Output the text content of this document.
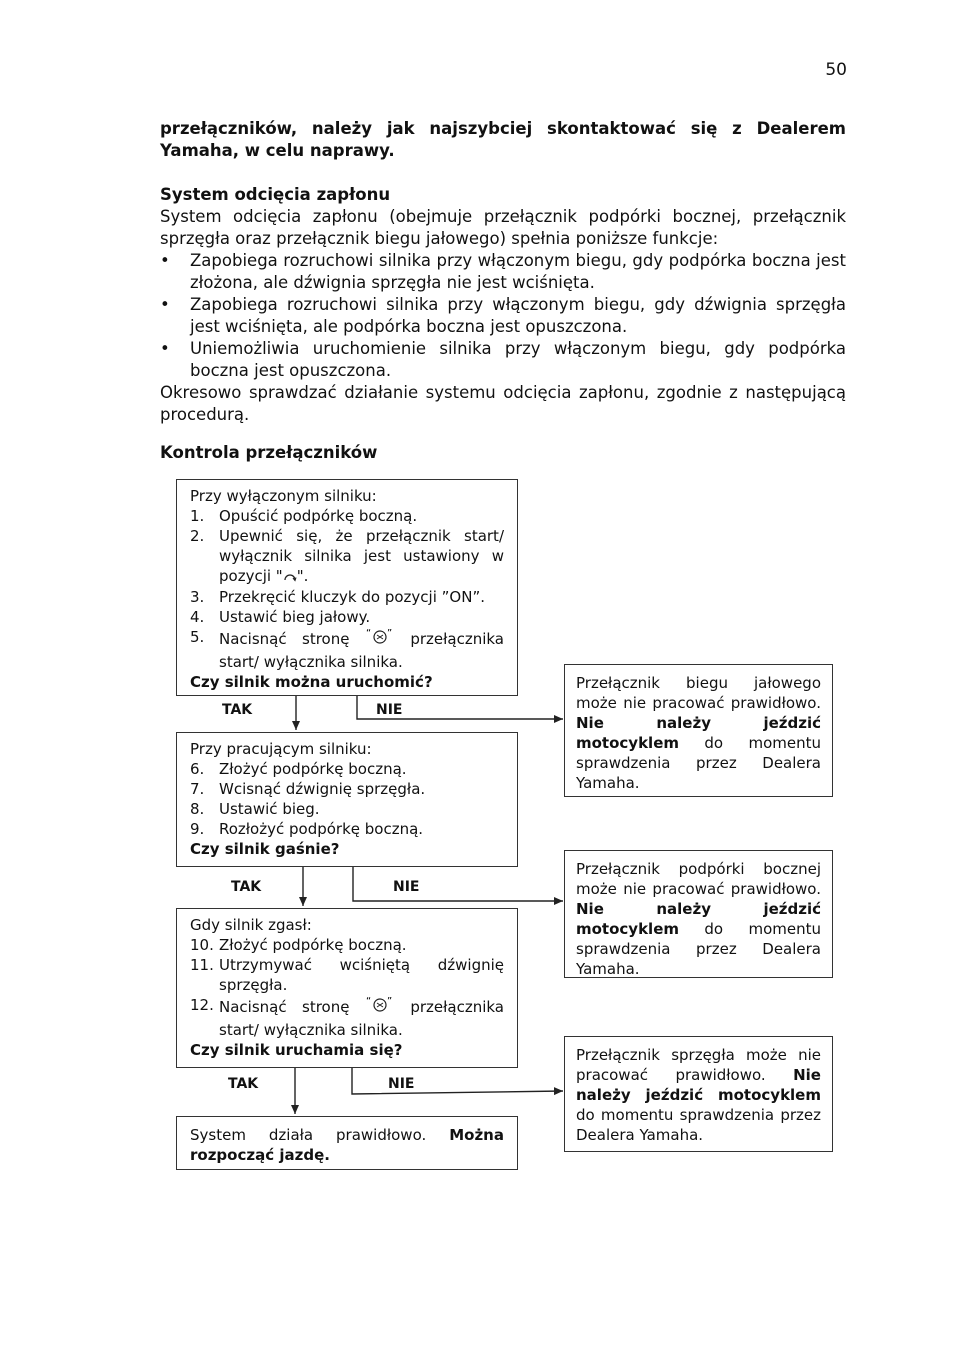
50
przełączników, należy jak najszybciej skontaktować się z Dealerem Yamaha, w celu naprawy.
System odcięcia zapłonu
System odcięcia zapłonu (obejmuje przełącznik podpórki bocznej, przełącznik sprzęgła oraz przełącznik biegu jałowego) spełnia poniższe funkcje:
• Zapobiega rozruchowi silnika przy włączonym biegu, gdy podpórka boczna jest złożona, ale dźwignia sprzęgła nie jest wciśnięta.
• Zapobiega rozruchowi silnika przy włączonym biegu, gdy dźwignia sprzęgła jest wciśnięta, ale podpórka boczna jest opuszczona.
• Uniemożliwia uruchomienie silnika przy włączonym biegu, gdy podpórka boczna jest opuszczona.
Okresowo sprawdzać działanie systemu odcięcia zapłonu, zgodnie z następującą procedurą.
Kontrola przełączników
Przy wyłączonym silniku:
1. Opuścić podpórkę boczną.
2. Upewnić się, że przełącznik start/ wyłącznik silnika jest ustawiony w pozycji " ".
3. Przekręcić kluczyk do pozycji ”ON”.
4. Ustawić bieg jałowy.
5. Nacisnąć stronę “ ” przełącznika start/ wyłącznika silnika.
Czy silnik można uruchomić?
TAK	NIE
Przełącznik biegu jałowego może nie pracować prawidłowo. Nie należy jeździć motocyklem do momentu sprawdzenia przez Dealera Yamaha.
Przy pracującym silniku:
6. Złożyć podpórkę boczną.
7. Wcisnąć dźwignię sprzęgła.
8. Ustawić bieg.
9. Rozłożyć podpórkę boczną.
Czy silnik gaśnie?
TAK	NIE
Przełącznik podpórki bocznej może nie pracować prawidłowo. Nie należy jeździć motocyklem do momentu sprawdzenia przez Dealera Yamaha.
Gdy silnik zgasł:
10. Złożyć podpórkę boczną.
11. Utrzymywać wciśniętą dźwignię sprzęgła.
12. Nacisnąć stronę “ ” przełącznika start/ wyłącznika silnika.
Czy silnik uruchamia się?
TAK	NIE
Przełącznik sprzęgła może nie pracować prawidłowo. Nie należy jeździć motocyklem do momentu sprawdzenia przez Dealera Yamaha.
System działa prawidłowo. Można rozpocząć jazdę.
